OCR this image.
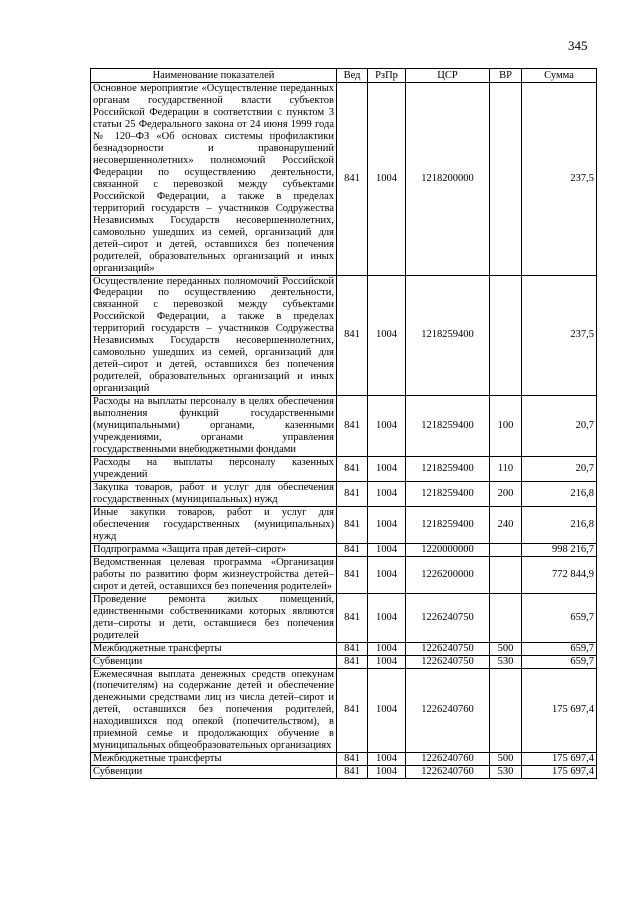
345
Наименование показателей	Вед	РзПр	ЦСР	ВР	Сумма
Основное мероприятие «Осуществление переданных органам государственной власти субъектов Российской Федерации в соответствии с пунктом 3 статьи 25 Федерального закона от 24 июня 1999 года № 120–ФЗ «Об основах системы профилактики безнадзорности и правонарушений несовершеннолетних» полномочий Российской Федерации по осуществлению деятельности, связанной с перевозкой между субъектами Российской Федерации, а также в пределах территорий государств – участников Содружества Независимых Государств несовершеннолетних, самовольно ушедших из семей, организаций для детей–сирот и детей, оставшихся без попечения родителей, образовательных организаций и иных организаций»	841	1004	1218200000		237,5
Осуществление переданных полномочий Российской Федерации по осуществлению деятельности, связанной с перевозкой между субъектами Российской Федерации, а также в пределах территорий государств – участников Содружества Независимых Государств несовершеннолетних, самовольно ушедших из семей, организаций для детей–сирот и детей, оставшихся без попечения родителей, образовательных организаций и иных организаций	841	1004	1218259400		237,5
Расходы на выплаты персоналу в целях обеспечения выполнения функций государственными (муниципальными) органами, казенными учреждениями, органами управления государственными внебюджетными фондами	841	1004	1218259400	100	20,7
Расходы на выплаты персоналу казенных учреждений	841	1004	1218259400	110	20,7
Закупка товаров, работ и услуг для обеспечения государственных (муниципальных) нужд	841	1004	1218259400	200	216,8
Иные закупки товаров, работ и услуг для обеспечения государственных (муниципальных) нужд	841	1004	1218259400	240	216,8
Подпрограмма «Защита прав детей–сирот»	841	1004	1220000000		998 216,7
Ведомственная целевая программа «Организация работы по развитию форм жизнеустройства детей–сирот и детей, оставшихся без попечения родителей»	841	1004	1226200000		772 844,9
Проведение ремонта жилых помещений, единственными собственниками которых являются дети–сироты и дети, оставшиеся без попечения родителей	841	1004	1226240750		659,7
Межбюджетные трансферты	841	1004	1226240750	500	659,7
Субвенции	841	1004	1226240750	530	659,7
Ежемесячная выплата денежных средств опекунам (попечителям) на содержание детей и обеспечение денежными средствами лиц из числа детей–сирот и детей, оставшихся без попечения родителей, находившихся под опекой (попечительством), в приемной семье и продолжающих обучение в муниципальных общеобразовательных организациях	841	1004	1226240760		175 697,4
Межбюджетные трансферты	841	1004	1226240760	500	175 697,4
Субвенции	841	1004	1226240760	530	175 697,4
